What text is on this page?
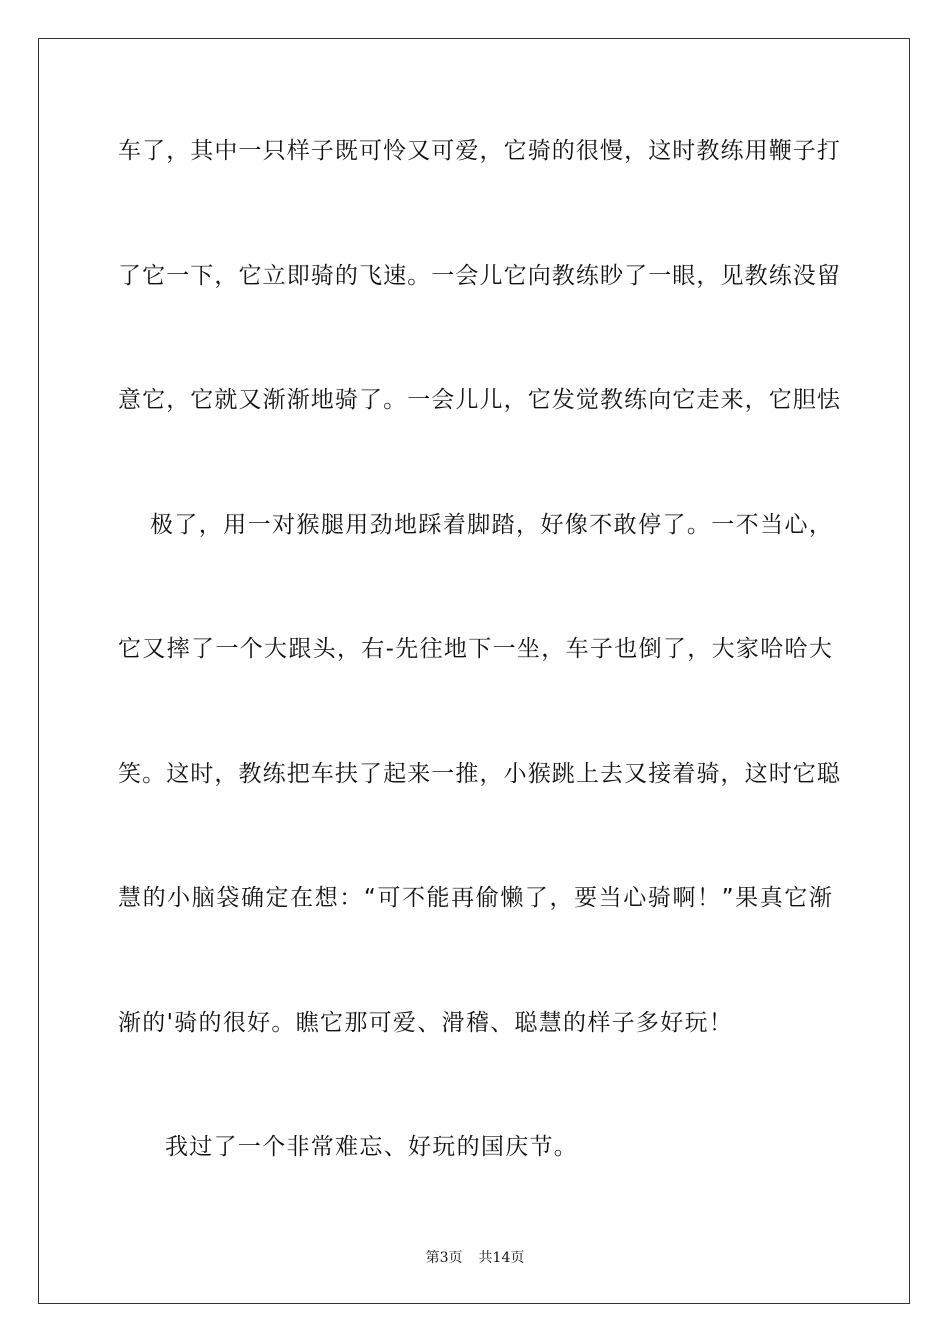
车了，其中一只样子既可怜又可爱，它骑的很慢，这时教练用鞭子打
了它一下，它立即骑的飞速。一会儿它向教练眇了一眼，见教练没留
意它，它就又渐渐地骑了。一会儿儿，它发觉教练向它走来，它胆怯
极了，用一对猴腿用劲地踩着脚踏，好像不敢停了。一不当心，
它又摔了一个大跟头，右-先往地下一坐，车子也倒了，大家哈哈大
笑。这时，教练把车扶了起来一推，小猴跳上去又接着骑，这时它聪
慧的小脑袋确定在想：“可不能再偷懒了，要当心骑啊！”果真它渐
渐的'骑的很好。瞧它那可爱、滑稽、聪慧的样子多好玩！
我过了一个非常难忘、好玩的国庆节。
第3页 共14页
